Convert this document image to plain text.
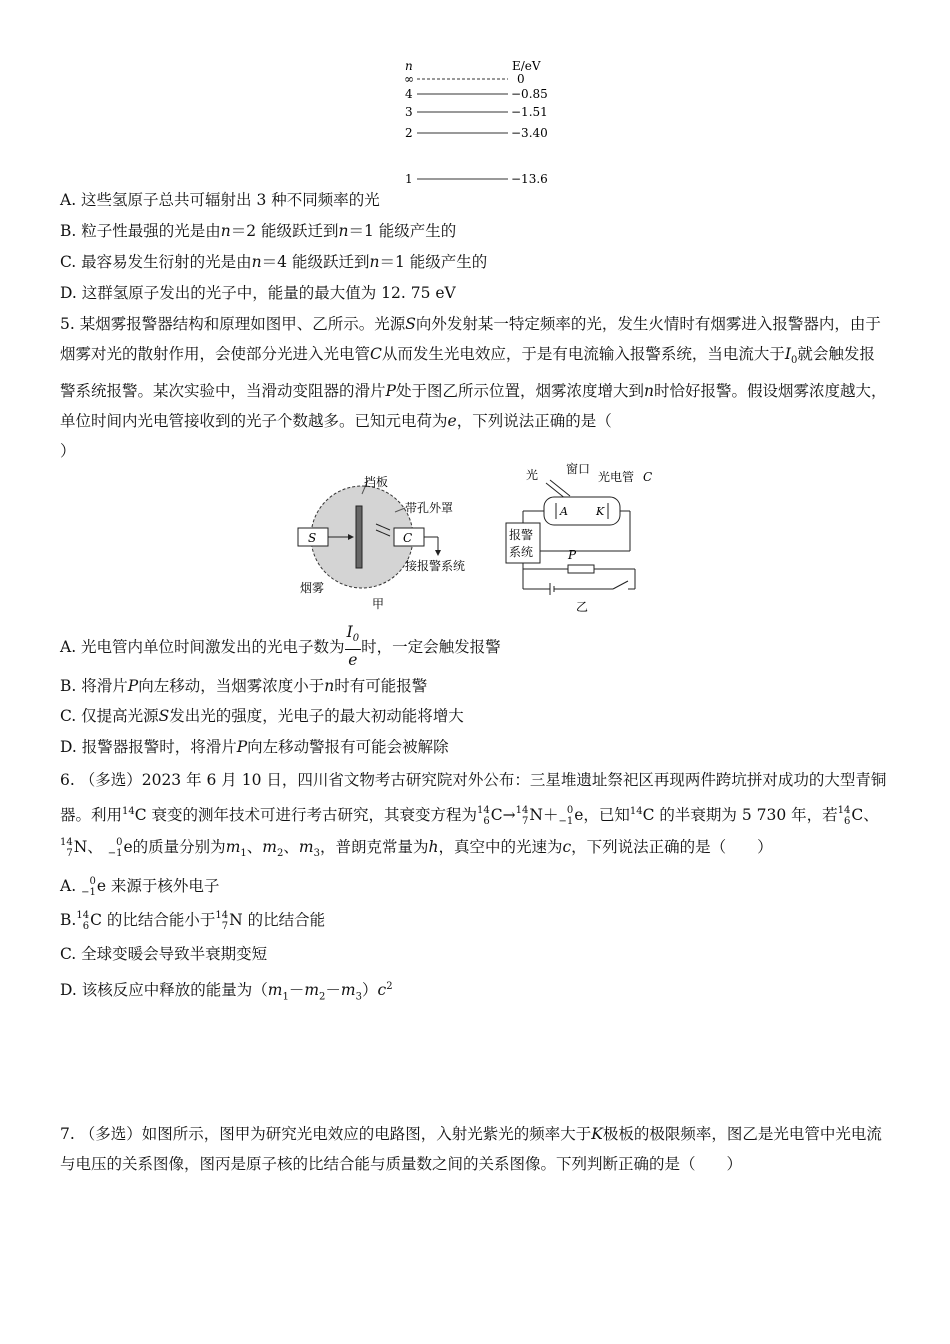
n	E/eV
∞	0
4	−0.85
3	−1.51
2	−3.40
1	−13.6
A. 这些氢原子总共可辐射出 3 种不同频率的光
B. 粒子性最强的光是由n＝2 能级跃迁到n＝1 能级产生的
C. 最容易发生衍射的光是由n＝4 能级跃迁到n＝1 能级产生的
D. 这群氢原子发出的光子中，能量的最大值为 12. 75 eV
5. 某烟雾报警器结构和原理如图甲、乙所示。光源S向外发射某一特定频率的光，发生火情时有烟雾进入报警器内，由于烟雾对光的散射作用，会使部分光进入光电管C从而发生光电效应，于是有电流输入报警系统，当电流大于$I_0$就会触发报警系统报警。某次实验中，当滑动变阻器的滑片P处于图乙所示位置，烟雾浓度增大到n时恰好报警。假设烟雾浓度越大，单位时间内光电管接收到的光子个数越多。已知元电荷为e，下列说法正确的是（
）
S	C
挡板
带孔外罩
烟雾
接报警系统
甲
光 窗口
光电管 C
A	K
报警
系统	P
乙
A. 光电管内单位时间激发出的光电子数为 $\frac{I_0}{e}$ 时，一定会触发报警
B. 将滑片P向左移动，当烟雾浓度小于n时有可能报警
C. 仅提高光源S发出光的强度，光电子的最大初动能将增大
D. 报警器报警时，将滑片P向左移动警报有可能会被解除
6. （多选）2023 年 6 月 10 日，四川省文物考古研究院对外公布：三星堆遗址祭祀区再现两件跨坑拼对成功的大型青铜器。利用$^{14}$C 衰变的测年技术可进行考古研究，其衰变方程为 14
6 C→ 14
7 N＋ 0
−1 e，已知$^{14}$C 的半衰期为 5 730 年，若 14
6 C、
14
7 N、 0
−1 e的质量分别为$m_1$、$m_2$、$m_3$，普朗克常量为h，真空中的光速为c，下列说法正确的是（　　）
A.	0
−1 e 来源于核外电子
B. 14
6 C 的比结合能小于 14
7 N 的比结合能
C. 全球变暖会导致半衰期变短
D. 该核反应中释放的能量为$(m_1-m_2-m_3)c^2$
7. （多选）如图所示，图甲为研究光电效应的电路图，入射光紫光的频率大于K极板的极限频率，图乙是光电管中光电流与电压的关系图像，图丙是原子核的比结合能与质量数之间的关系图像。下列判断正确的是（　　）
